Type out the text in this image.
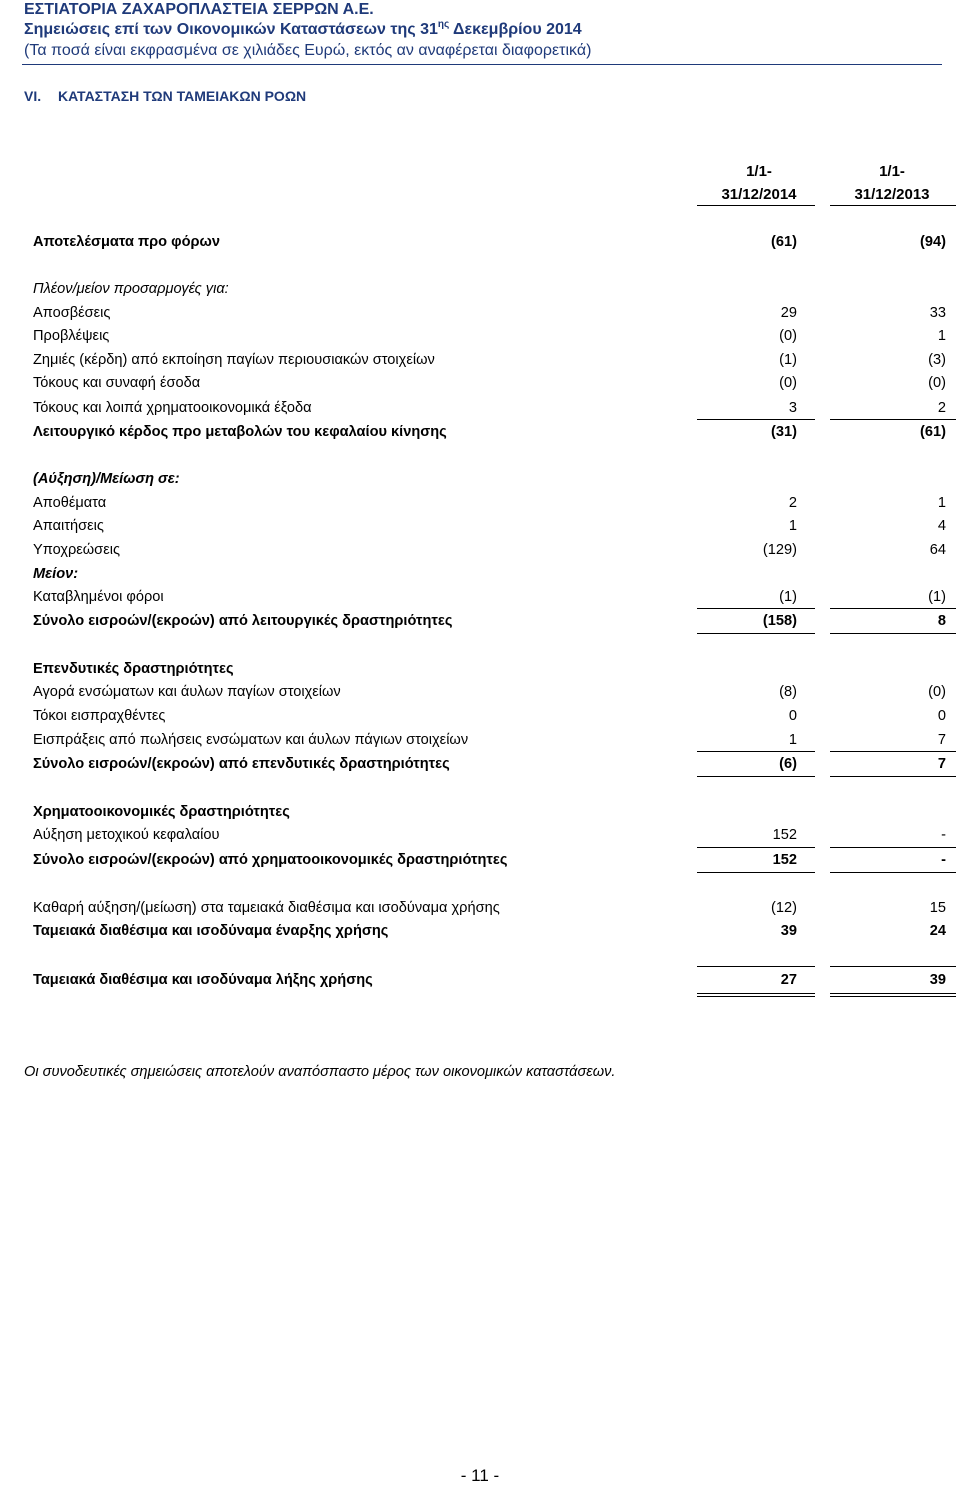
ΕΣΤΙΑΤΟΡΙΑ ΖΑΧΑΡΟΠΛΑΣΤΕΙΑ ΣΕΡΡΩΝ Α.Ε.
Σημειώσεις επί των Οικονομικών Καταστάσεων της $31^{\eta\varsigma}$ Δεκεμβρίου 2014
(Τα ποσά είναι εκφρασμένα σε χιλιάδες Ευρώ, εκτός αν αναφέρεται διαφορετικά)
VI. ΚΑΤΑΣΤΑΣΗ ΤΩΝ ΤΑΜΕΙΑΚΩΝ ΡΟΩΝ
1/1-
31/12/2014
1/1-
31/12/2013
Αποτελέσματα προ φόρων	(61)	(94)
Πλέον/μείον προσαρμογές για:
Αποσβέσεις	29	33
Προβλέψεις	(0)	1
Ζημιές (κέρδη) από εκποίηση παγίων περιουσιακών στοιχείων	(1)	(3)
Τόκους και συναφή έσοδα	(0)	(0)
Τόκους και λοιπά χρηματοοικονομικά έξοδα	3	2
Λειτουργικό κέρδος προ μεταβολών του κεφαλαίου κίνησης	(31)	(61)
(Αύξηση)/Μείωση σε:
Αποθέματα	2	1
Απαιτήσεις	1	4
Υποχρεώσεις	(129)	64
Μείον:
Καταβλημένοι φόροι	(1)	(1)
Σύνολο εισροών/(εκροών) από λειτουργικές δραστηριότητες	(158)	8
Επενδυτικές δραστηριότητες
Αγορά ενσώματων και άυλων παγίων στοιχείων	(8)	(0)
Τόκοι εισπραχθέντες	0	0
Εισπράξεις από πωλήσεις ενσώματων και άυλων πάγιων στοιχείων	1	7
Σύνολο εισροών/(εκροών) από επενδυτικές δραστηριότητες	(6)	7
Χρηματοοικονομικές δραστηριότητες
Αύξηση μετοχικού κεφαλαίου	152	-
Σύνολο εισροών/(εκροών) από χρηματοοικονομικές δραστηριότητες	152	-
Καθαρή αύξηση/(μείωση) στα ταμειακά διαθέσιμα και ισοδύναμα χρήσης	(12)	15
Ταμειακά διαθέσιμα και ισοδύναμα έναρξης χρήσης	39	24
Ταμειακά διαθέσιμα και ισοδύναμα λήξης χρήσης	27	39
Οι συνοδευτικές σημειώσεις αποτελούν αναπόσπαστο μέρος των οικονομικών καταστάσεων.
- 11 -
